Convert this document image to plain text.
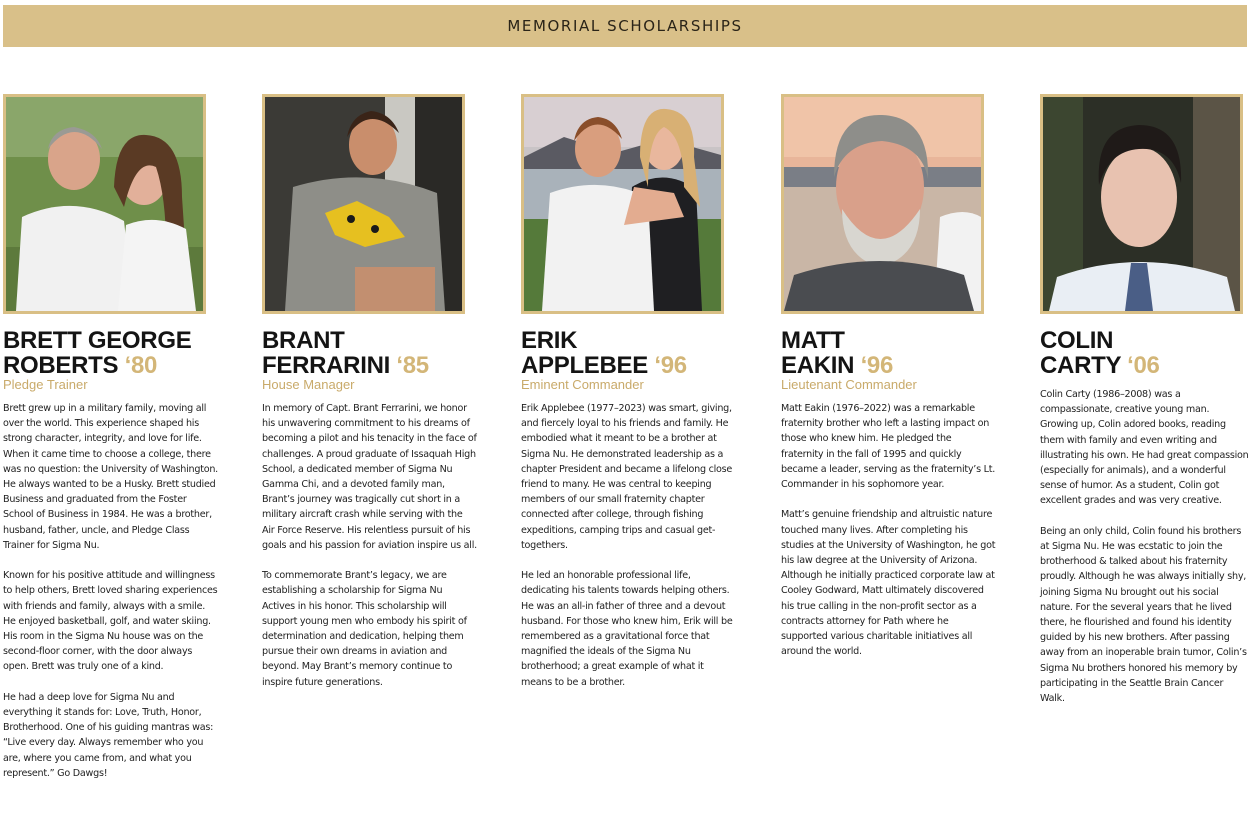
MEMORIAL SCHOLARSHIPS
BRETT GEORGE
ROBERTS ‘80
Pledge Trainer

Brett grew up in a military family, moving all over the world. This experience shaped his strong character, integrity, and love for life. When it came time to choose a college, there was no question: the University of Washington. He always wanted to be a Husky. Brett studied Business and graduated from the Foster School of Business in 1984. He was a brother, husband, father, uncle, and Pledge Class Trainer for Sigma Nu.

Known for his positive attitude and willingness to help others, Brett loved sharing experiences with friends and family, always with a smile. He enjoyed basketball, golf, and water skiing. His room in the Sigma Nu house was on the second-floor corner, with the door always open. Brett was truly one of a kind.

He had a deep love for Sigma Nu and everything it stands for: Love, Truth, Honor, Brotherhood. One of his guiding mantras was: “Live every day. Always remember who you are, where you came from, and what you represent.” Go Dawgs!

BRANT
FERRARINI ‘85
House Manager

In memory of Capt. Brant Ferrarini, we honor his unwavering commitment to his dreams of becoming a pilot and his tenacity in the face of challenges. A proud graduate of Issaquah High School, a dedicated member of Sigma Nu Gamma Chi, and a devoted family man, Brant’s journey was tragically cut short in a military aircraft crash while serving with the Air Force Reserve. His relentless pursuit of his goals and his passion for aviation inspire us all.

To commemorate Brant’s legacy, we are establishing a scholarship for Sigma Nu Actives in his honor. This scholarship will support young men who embody his spirit of determination and dedication, helping them pursue their own dreams in aviation and beyond. May Brant’s memory continue to inspire future generations.

ERIK
APPLEBEE ‘96
Eminent Commander

Erik Applebee (1977–2023) was smart, giving, and fiercely loyal to his friends and family. He embodied what it meant to be a brother at Sigma Nu. He demonstrated leadership as a chapter President and became a lifelong close friend to many. He was central to keeping members of our small fraternity chapter connected after college, through fishing expeditions, camping trips and casual get-togethers.

He led an honorable professional life, dedicating his talents towards helping others. He was an all-in father of three and a devout husband. For those who knew him, Erik will be remembered as a gravitational force that magnified the ideals of the Sigma Nu brotherhood; a great example of what it means to be a brother.

MATT
EAKIN ‘96
Lieutenant Commander

Matt Eakin (1976–2022) was a remarkable fraternity brother who left a lasting impact on those who knew him. He pledged the fraternity in the fall of 1995 and quickly became a leader, serving as the fraternity’s Lt. Commander in his sophomore year.

Matt’s genuine friendship and altruistic nature touched many lives. After completing his studies at the University of Washington, he got his law degree at the University of Arizona. Although he initially practiced corporate law at Cooley Godward, Matt ultimately discovered his true calling in the non-profit sector as a contracts attorney for Path where he supported various charitable initiatives all around the world.

COLIN
CARTY ‘06

Colin Carty (1986–2008) was a compassionate, creative young man. Growing up, Colin adored books, reading them with family and even writing and illustrating his own. He had great compassion (especially for animals), and a wonderful sense of humor. As a student, Colin got excellent grades and was very creative.

Being an only child, Colin found his brothers at Sigma Nu. He was ecstatic to join the brotherhood & talked about his fraternity proudly. Although he was always initially shy, joining Sigma Nu brought out his social nature. For the several years that he lived there, he flourished and found his identity guided by his new brothers. After passing away from an inoperable brain tumor, Colin’s Sigma Nu brothers honored his memory by participating in the Seattle Brain Cancer Walk.
